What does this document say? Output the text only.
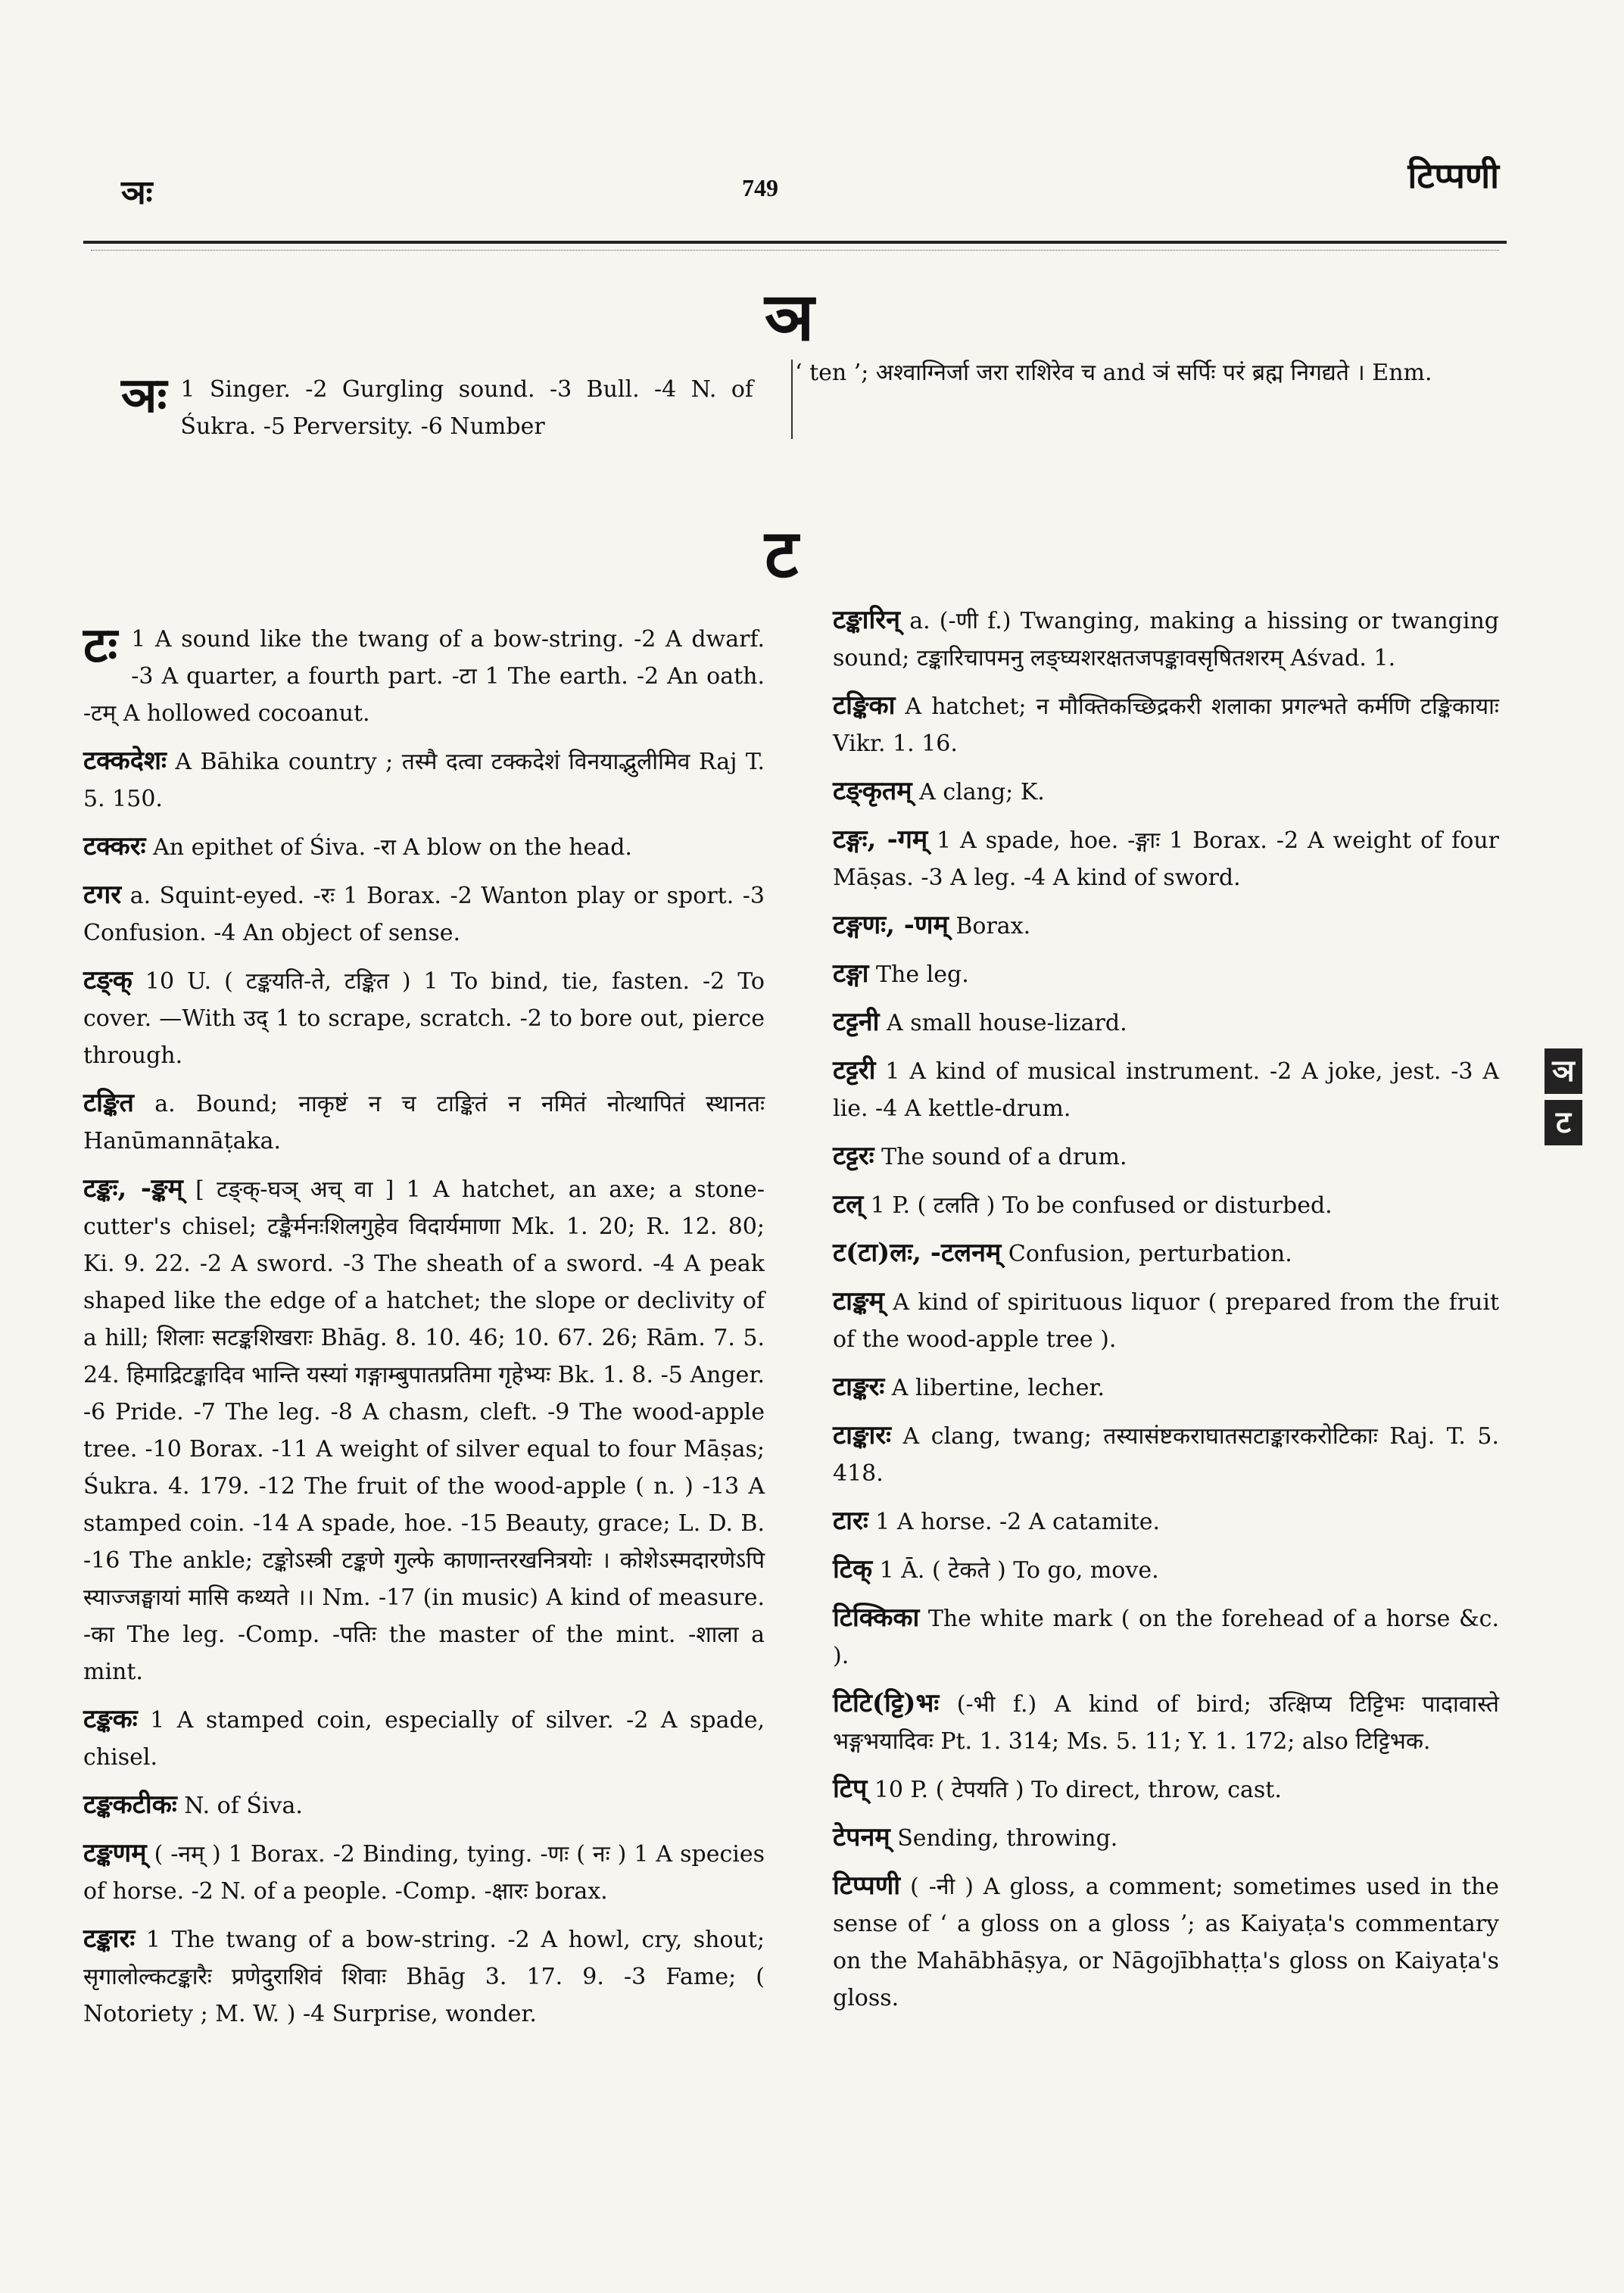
ञः	749	टिप्पणी
ञ
ञः 1 Singer. -2 Gurgling sound. -3 Bull. -4 N. of Śukra. -5 Perversity. -6 Number
‘ ten ’; अश्वाग्निर्जा जरा राशिरेव च and ञं सर्पिः परं ब्रह्म निगद्यते । Enm.
ट

टः 1 A sound like the twang of a bow-string. -2 A dwarf. -3 A quarter, a fourth part. -टा 1 The earth. -2 An oath. -टम् A hollowed cocoanut.

टक्कदेशः A Bāhika country ; तस्मै दत्वा टक्कदेशं विनयाद्भुलीमिव Raj T. 5. 150.

टक्करः An epithet of Śiva. -रा A blow on the head.

टगर a. Squint-eyed. -रः 1 Borax. -2 Wanton play or sport. -3 Confusion. -4 An object of sense.

टङ्क् 10 U. ( टङ्कयति-ते, टङ्कित ) 1 To bind, tie, fasten. -2 To cover. —With उद् 1 to scrape, scratch. -2 to bore out, pierce through.

टङ्कित a. Bound; नाकृष्टं न च टाङ्कितं न नमितं नोत्थापितं स्थानतः Hanūmannāṭaka.

टङ्कः, -ङ्कम् [ टङ्क्-घञ् अच् वा ] 1 A hatchet, an axe; a stone-cutter's chisel; टङ्कैर्मनःशिलगुहेव विदार्यमाणा Mk. 1. 20; R. 12. 80; Ki. 9. 22. -2 A sword. -3 The sheath of a sword. -4 A peak shaped like the edge of a hatchet; the slope or declivity of a hill; शिलाः सटङ्कशिखराः Bhāg. 8. 10. 46; 10. 67. 26; Rām. 7. 5. 24. हिमाद्रिटङ्कादिव भान्ति यस्यां गङ्गाम्बुपातप्रतिमा गृहेभ्यः Bk. 1. 8. -5 Anger. -6 Pride. -7 The leg. -8 A chasm, cleft. -9 The wood-apple tree. -10 Borax. -11 A weight of silver equal to four Māṣas; Śukra. 4. 179. -12 The fruit of the wood-apple ( n. ) -13 A stamped coin. -14 A spade, hoe. -15 Beauty, grace; L. D. B. -16 The ankle; टङ्कोऽस्त्री टङ्कणे गुल्फे काणान्तरखनित्रयोः । कोशेऽस्मदारणेऽपि स्याज्जङ्घायां मासि कथ्यते ।। Nm. -17 (in music) A kind of measure. -का The leg. -Comp. -पतिः the master of the mint. -शाला a mint.

टङ्ककः 1 A stamped coin, especially of silver. -2 A spade, chisel.

टङ्ककटीकः N. of Śiva.

टङ्कणम् ( -नम् ) 1 Borax. -2 Binding, tying. -णः ( नः ) 1 A species of horse. -2 N. of a people. -Comp. -क्षारः borax.

टङ्कारः 1 The twang of a bow-string. -2 A howl, cry, shout; सृगालोल्कटङ्कारैः प्रणेदुराशिवं शिवाः Bhāg 3. 17. 9. -3 Fame; ( Notoriety ; M. W. ) -4 Surprise, wonder.

टङ्कारिन् a. (-णी f.) Twanging, making a hissing or twanging sound; टङ्कारिचापमनु लङ्घ्यशरक्षतजपङ्कावसृषितशरम् Aśvad. 1.

टङ्किका A hatchet; न मौक्तिकच्छिद्रकरी शलाका प्रगल्भते कर्मणि टङ्किकायाः Vikr. 1. 16.

टङ्कृतम् A clang; K.

टङ्गः, -गम् 1 A spade, hoe. -ङ्गाः 1 Borax. -2 A weight of four Māṣas. -3 A leg. -4 A kind of sword.

टङ्गणः, -णम् Borax.

टङ्गा The leg.

टट्टनी A small house-lizard.

टट्टरी 1 A kind of musical instrument. -2 A joke, jest. -3 A lie. -4 A kettle-drum.

टट्टरः The sound of a drum.

टल् 1 P. ( टलति ) To be confused or disturbed.

ट(टा)लः, -टलनम् Confusion, perturbation.

टाङ्कम् A kind of spirituous liquor ( prepared from the fruit of the wood-apple tree ).

टाङ्करः A libertine, lecher.

टाङ्कारः A clang, twang; तस्यासंष्टकराघातसटाङ्कारकरोटिकाः Raj. T. 5. 418.

टारः 1 A horse. -2 A catamite.

टिक् 1 Ā. ( टेकते ) To go, move.

टिक्किका The white mark ( on the forehead of a horse &c. ).

टिटि(ट्टि)भः (-भी f.) A kind of bird; उत्क्षिप्य टिट्टिभः पादावास्ते भङ्गभयादिवः Pt. 1. 314; Ms. 5. 11; Y. 1. 172; also टिट्टिभक.

टिप् 10 P. ( टेपयति ) To direct, throw, cast.

टेपनम् Sending, throwing.

टिप्पणी ( -नी ) A gloss, a comment; sometimes used in the sense of ‘ a gloss on a gloss ’; as Kaiyaṭa's commentary on the Mahābhāṣya, or Nāgojībhaṭṭa's gloss on Kaiyaṭa's gloss.

ञ
ट
